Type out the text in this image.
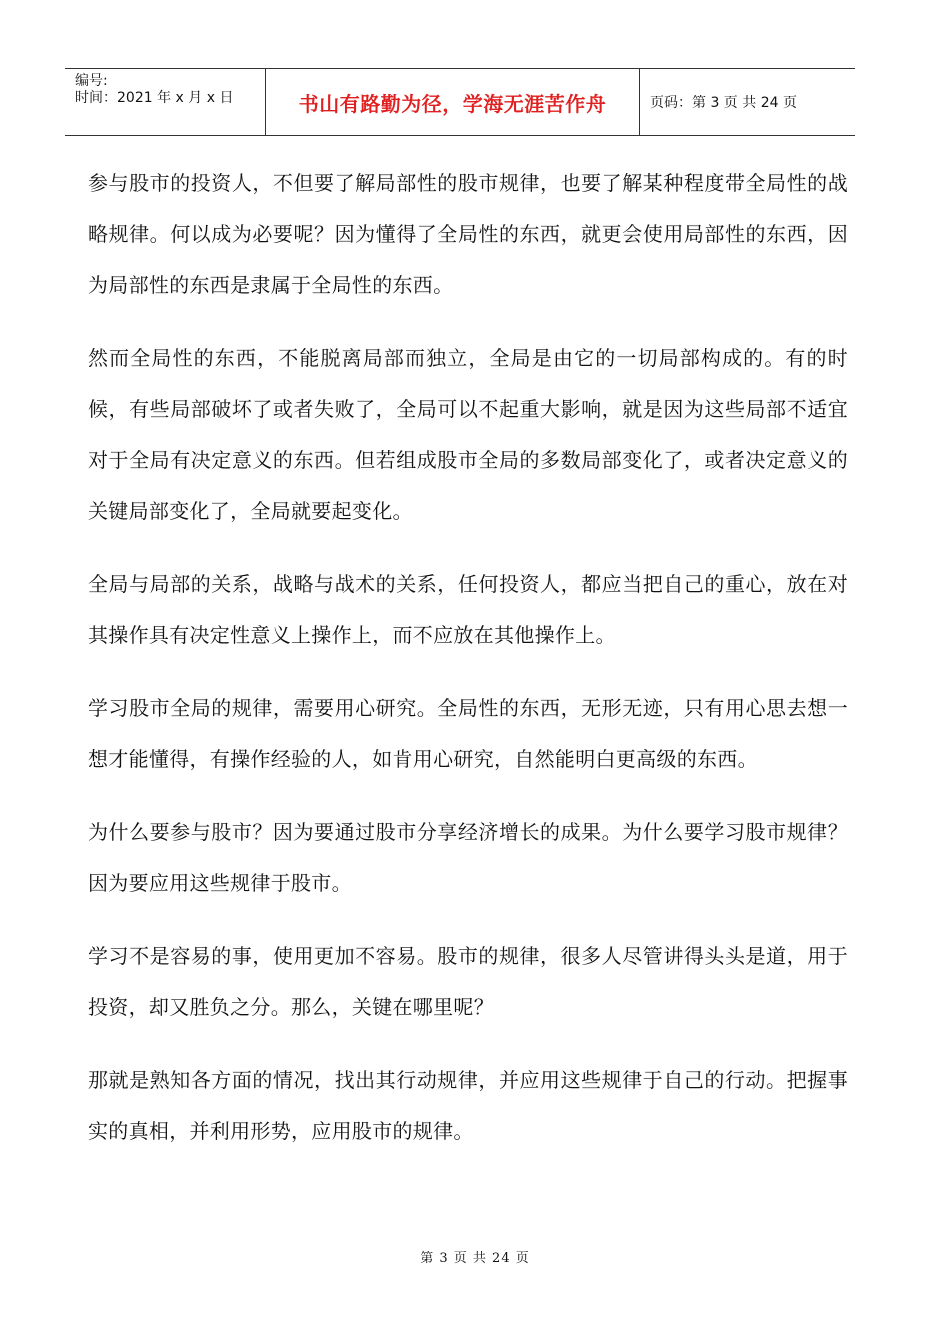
编号:
时间：2021 年 x 月 x 日	书山有路勤为径，学海无涯苦作舟	页码：第 3 页 共 24 页

参与股市的投资人，不但要了解局部性的股市规律，也要了解某种程度带全局性的战略规律。何以成为必要呢？因为懂得了全局性的东西，就更会使用局部性的东西，因为局部性的东西是隶属于全局性的东西。

然而全局性的东西，不能脱离局部而独立，全局是由它的一切局部构成的。有的时候，有些局部破坏了或者失败了，全局可以不起重大影响，就是因为这些局部不适宜对于全局有决定意义的东西。但若组成股市全局的多数局部变化了，或者决定意义的关键局部变化了，全局就要起变化。

全局与局部的关系，战略与战术的关系，任何投资人，都应当把自己的重心，放在对其操作具有决定性意义上操作上，而不应放在其他操作上。

学习股市全局的规律，需要用心研究。全局性的东西，无形无迹，只有用心思去想一想才能懂得，有操作经验的人，如肯用心研究，自然能明白更高级的东西。

为什么要参与股市？因为要通过股市分享经济增长的成果。为什么要学习股市规律？因为要应用这些规律于股市。

学习不是容易的事，使用更加不容易。股市的规律，很多人尽管讲得头头是道，用于投资，却又胜负之分。那么，关键在哪里呢？

那就是熟知各方面的情况，找出其行动规律，并应用这些规律于自己的行动。把握事实的真相，并利用形势，应用股市的规律。

第 3 页 共 24 页
